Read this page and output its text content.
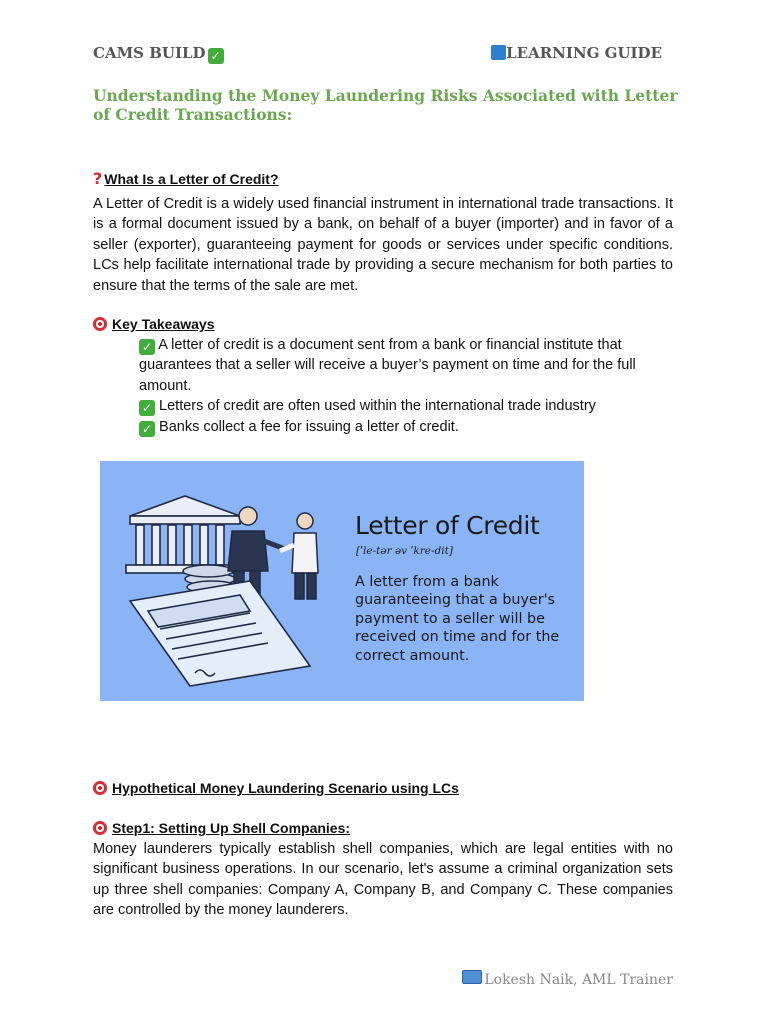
CAMS BUILD ✓	LEARNING GUIDE
Understanding the Money Laundering Risks Associated with Letter of Credit Transactions:
? What Is a Letter of Credit?
A Letter of Credit is a widely used financial instrument in international trade transactions. It is a formal document issued by a bank, on behalf of a buyer (importer) and in favor of a seller (exporter), guaranteeing payment for goods or services under specific conditions. LCs help facilitate international trade by providing a secure mechanism for both parties to ensure that the terms of the sale are met.
Key Takeaways
✓ A letter of credit is a document sent from a bank or financial institute that guarantees that a seller will receive a buyer’s payment on time and for the full amount.
✓ Letters of credit are often used within the international trade industry
✓ Banks collect a fee for issuing a letter of credit.
Letter of Credit
[ˈle-tər əv ˈkre-dit]
A letter from a bank guaranteeing that a buyer's payment to a seller will be received on time and for the correct amount.
Hypothetical Money Laundering Scenario using LCs
Step1: Setting Up Shell Companies:
Money launderers typically establish shell companies, which are legal entities with no significant business operations. In our scenario, let's assume a criminal organization sets up three shell companies: Company A, Company B, and Company C. These companies are controlled by the money launderers.
Lokesh Naik, AML Trainer
